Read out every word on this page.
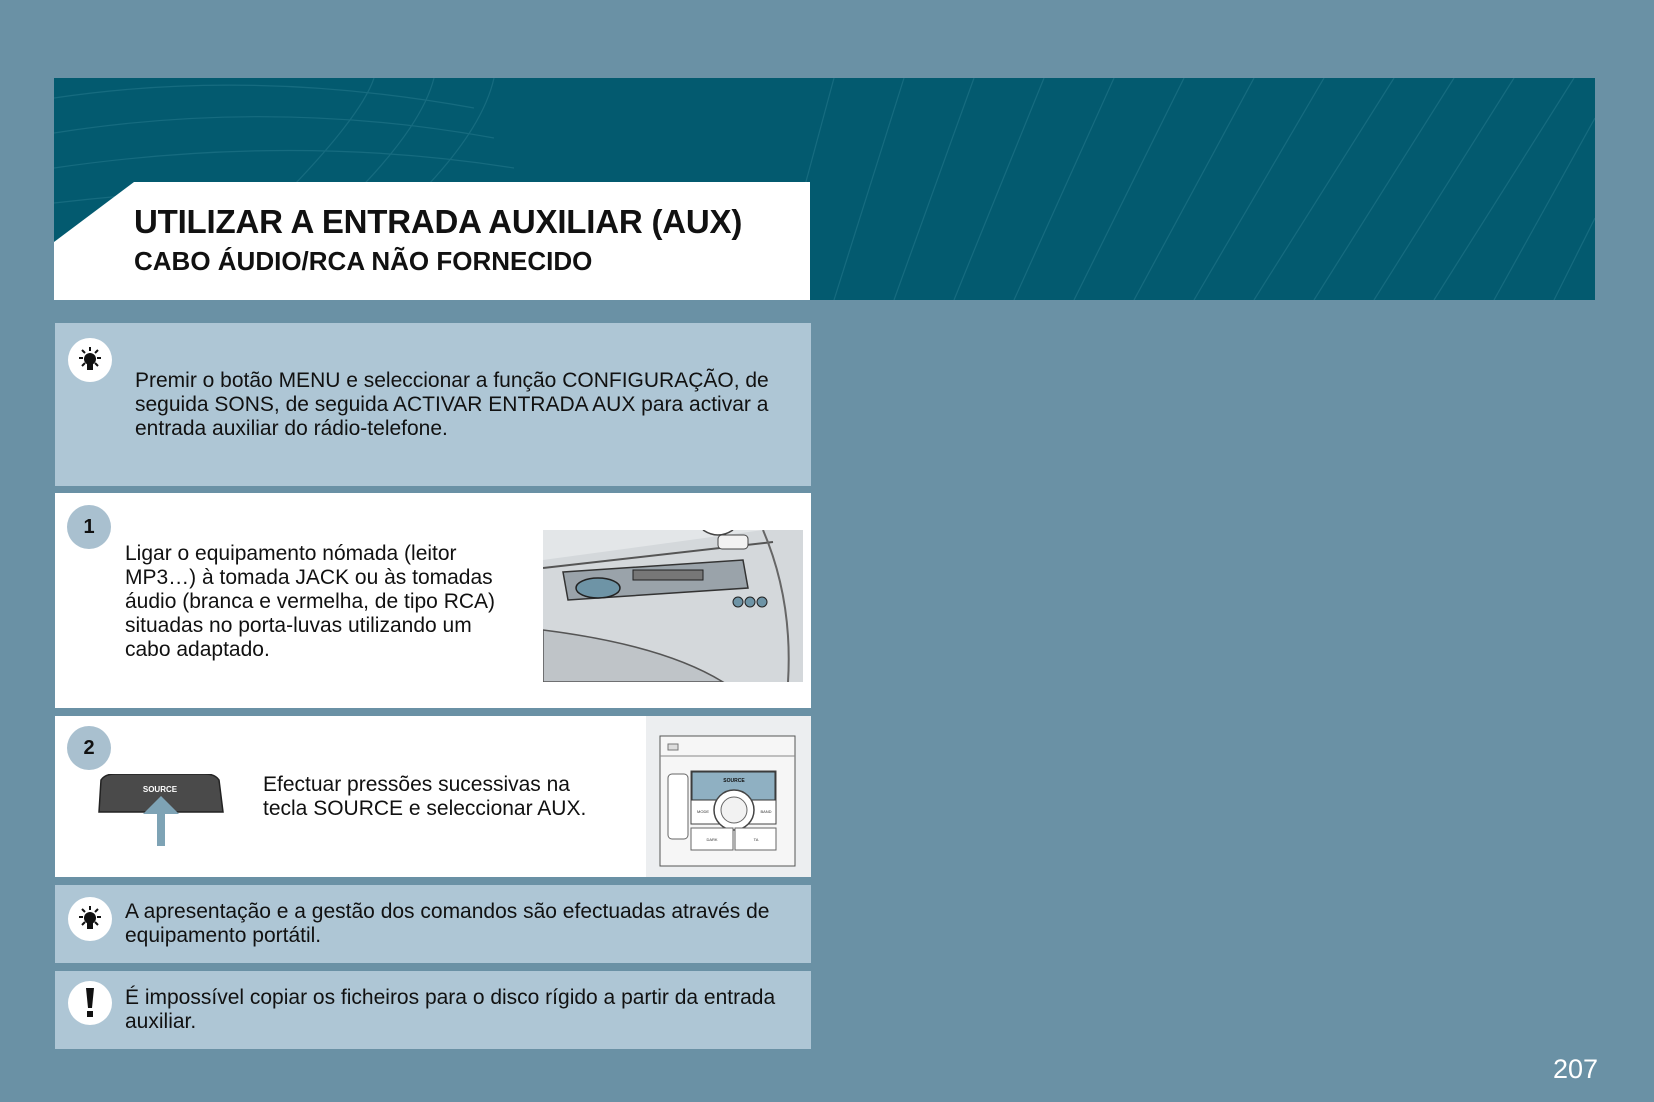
UTILIZAR A ENTRADA AUXILIAR (AUX)
CABO ÁUDIO/RCA NÃO FORNECIDO
Premir o botão MENU e seleccionar a função CONFIGURAÇÃO, de seguida SONS, de seguida ACTIVAR ENTRADA AUX para activar a entrada auxiliar do rádio-telefone.
1
Ligar o equipamento nómada (leitor MP3…) à tomada JACK ou às tomadas áudio (branca e vermelha, de tipo RCA) situadas no porta-luvas utilizando um cabo adaptado.
2
SOURCE	Efectuar pressões sucessivas na tecla SOURCE e seleccionar AUX.
SOURCE
MODE	BAND
DARK	TA
A apresentação e a gestão dos comandos são efectuadas através de equipamento portátil.
É impossível copiar os ficheiros para o disco rígido a partir da entrada auxiliar.
207
